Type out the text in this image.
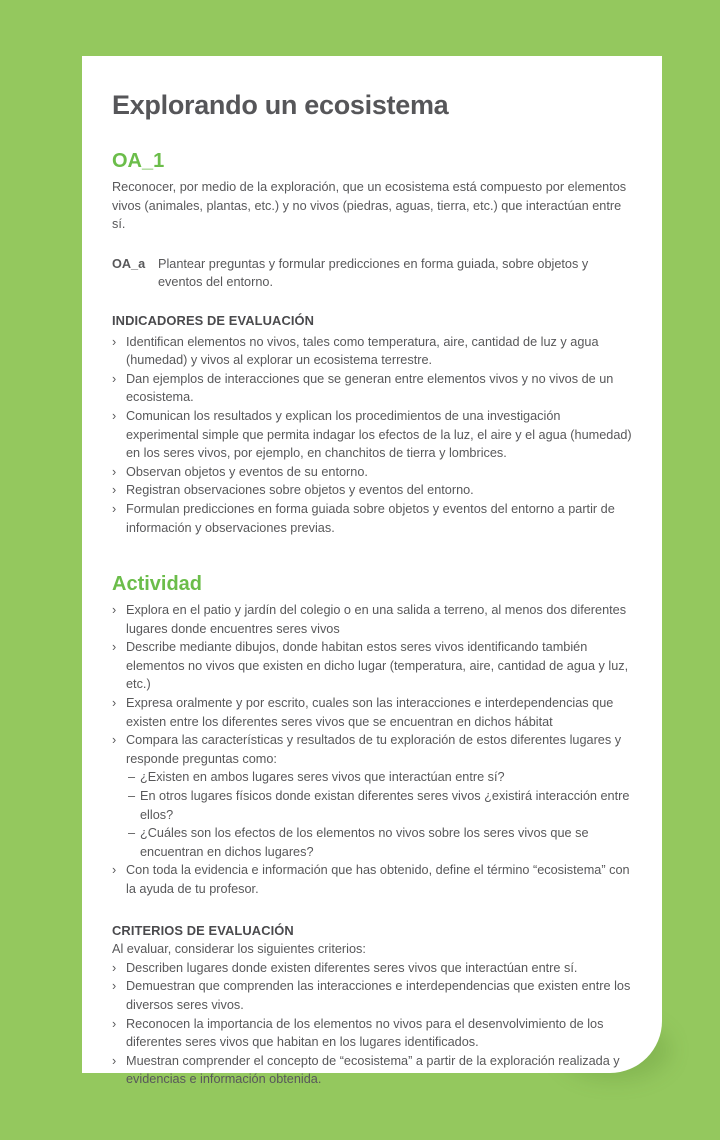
Explorando un ecosistema
OA_1

Reconocer, por medio de la exploración, que un ecosistema está compuesto por elementos vivos (animales, plantas, etc.) y no vivos (piedras, aguas, tierra, etc.) que interactúan entre sí.

OA_a	Plantear preguntas y formular predicciones en forma guiada, sobre objetos y eventos del entorno.
INDICADORES DE EVALUACIÓN
› Identifican elementos no vivos, tales como temperatura, aire, cantidad de luz y agua (humedad) y vivos al explorar un ecosistema terrestre.
› Dan ejemplos de interacciones que se generan entre elementos vivos y no vivos de un ecosistema.
› Comunican los resultados y explican los procedimientos de una investigación experimental simple que permita indagar los efectos de la luz, el aire y el agua (humedad) en los seres vivos, por ejemplo, en chanchitos de tierra y lombrices.
› Observan objetos y eventos de su entorno.
› Registran observaciones sobre objetos y eventos del entorno.
› Formulan predicciones en forma guiada sobre objetos y eventos del entorno a partir de información y observaciones previas.
Actividad
› Explora en el patio y jardín del colegio o en una salida a terreno, al menos dos diferentes lugares donde encuentres seres vivos
› Describe mediante dibujos, donde habitan estos seres vivos identificando también elementos no vivos que existen en dicho lugar (temperatura, aire, cantidad de agua y luz, etc.)
› Expresa oralmente y por escrito, cuales son las interacciones e interdependencias que existen entre los diferentes seres vivos que se encuentran en dichos hábitat
› Compara las características y resultados de tu exploración de estos diferentes lugares y responde preguntas como:
– ¿Existen en ambos lugares seres vivos que interactúan entre sí?
– En otros lugares físicos donde existan diferentes seres vivos ¿existirá interacción entre ellos?
– ¿Cuáles son los efectos de los elementos no vivos sobre los seres vivos que se encuentran en dichos lugares?
› Con toda la evidencia e información que has obtenido, define el término “ecosistema” con la ayuda de tu profesor.
CRITERIOS DE EVALUACIÓN

Al evaluar, considerar los siguientes criterios:

› Describen lugares donde existen diferentes seres vivos que interactúan entre sí.
› Demuestran que comprenden las interacciones e interdependencias que existen entre los diversos seres vivos.
› Reconocen la importancia de los elementos no vivos para el desenvolvimiento de los diferentes seres vivos que habitan en los lugares identificados.
› Muestran comprender el concepto de “ecosistema” a partir de la exploración realizada y evidencias e información obtenida.
